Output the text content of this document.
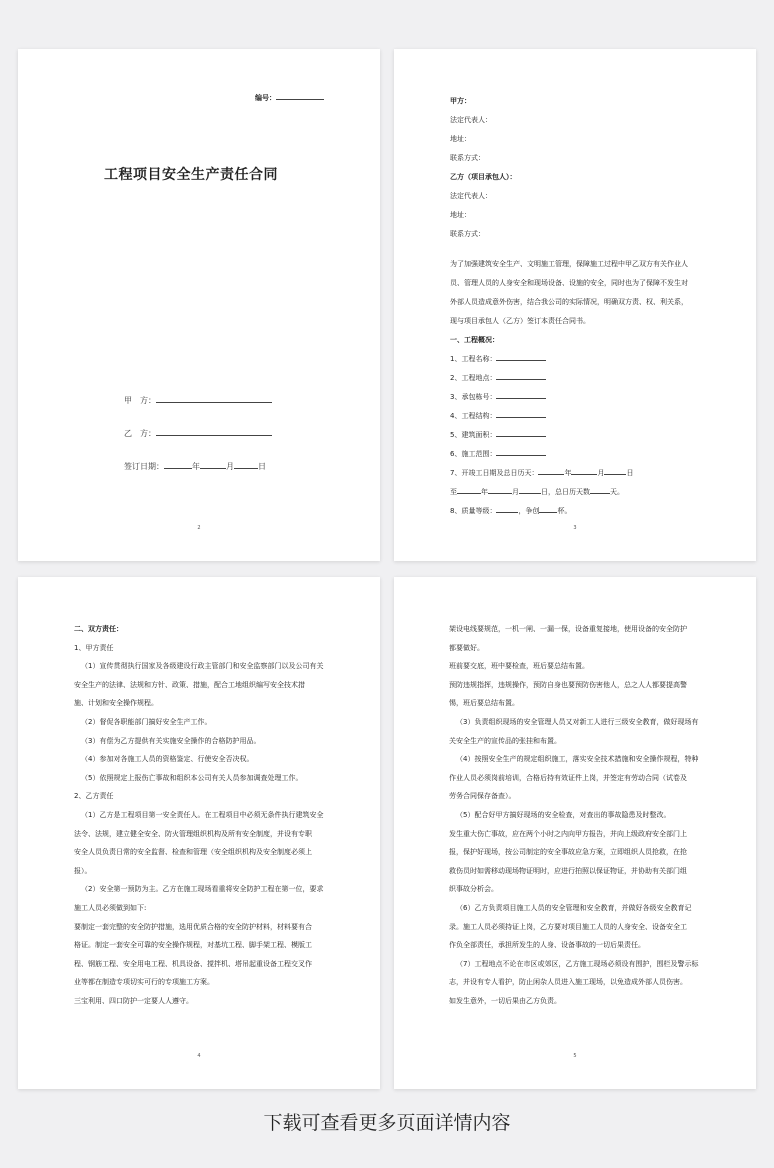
编号：
工程项目安全生产责任合同
甲　方：
乙　方：
签订日期：	年	月	日
2
甲方：
法定代表人：
地址：
联系方式：
乙方（项目承包人）：
法定代表人：
地址：
联系方式：
为了加强建筑安全生产、文明施工管理，保障施工过程中甲乙双方有关作业人
员、管理人员的人身安全和现场设备、设施的安全，同时也为了保障不发生对
外部人员造成意外伤害，结合我公司的实际情况，明确双方责、权、利关系，
现与项目承包人（乙方）签订本责任合同书。
一、工程概况：
1、工程名称：
2、工程地点：
3、承包栋号：
4、工程结构：
5、建筑面积：
6、施工范围：
7、开竣工日期及总日历天：	年	月	日
至	年	月	日，总日历天数	天。
8、质量等级：	，争创	杯。
3
二、双方责任：
1、甲方责任
（1）宣传贯彻执行国家及各级建设行政主管部门和安全监察部门以及公司有关
安全生产的法律、法规和方针、政策、措施，配合工地组织编写安全技术措
施、计划和安全操作规程。
（2）督促各职能部门搞好安全生产工作。
（3）有偿为乙方提供有关实施安全操作的合格防护用品。
（4）参加对各施工人员的资格鉴定、行使安全否决权。
（5）依照规定上报伤亡事故和组织本公司有关人员参加调查处理工作。
2、乙方责任
（1）乙方是工程项目第一安全责任人。在工程项目中必须无条件执行建筑安全
法令、法规，建立健全安全、防火管理组织机构及所有安全制度，并设有专职
安全人员负责日常的安全监督、检查和管理（安全组织机构及安全制度必须上
报）。
（2）安全第一预防为主。乙方在施工现场看重将安全防护工程在第一位，要求
施工人员必须做到如下:
要制定一套完整的安全防护措施，选用优质合格的安全防护材料，材料要有合
格证。制定一套安全可靠的安全操作规程，对基坑工程、脚手架工程、模版工
程、钢筋工程、安全用电工程、机具设备、搅拌机、塔吊起重设备工程交叉作
业等都在制造专项切实可行的专项施工方案。
三宝利用、四口防护一定要人人遵守。
4
架设电线要规范，一机一闸、一漏一保，设备重复接地，使用设备的安全防护
都要做好。
班前要交底，班中要检查，班后要总结布置。
预防违规指挥，违规操作，预防自身也要预防伤害他人，总之人人都要提高警
惕，班后要总结布置。
（3）负责组织现场的安全管理人员又对新工人进行三级安全教育，做好现场有
关安全生产的宣传品的张挂和布置。
（4）按照安全生产的规定组织施工，落实安全技术措施和安全操作规程，特种
作业人员必须岗前培训，合格后持有效证件上岗，并签定有劳动合同（试卷及
劳务合同保存备查）。
（5）配合好甲方搞好现场的安全检查，对查出的事故隐患及时整改。
发生重大伤亡事故，应在两个小时之内向甲方报告，并向上级政府安全部门上
报，保护好现场，按公司制定的安全事故应急方案，立即组织人员抢救，在抢
救伤员时如需移动现场物证明时，应进行拍照以保证物证，并协助有关部门组
织事故分析会。
（6）乙方负责项目施工人员的安全管理和安全教育，并做好各级安全教育记
录。施工人员必须持证上岗，乙方要对项目施工人员的人身安全、设备安全工
作负全部责任，承担所发生的人身、设备事故的一切后果责任。
（7）工程地点不论在市区或郊区，乙方施工现场必须设有围护，围栏及警示标
志，并设有专人看护，防止闲杂人员进入施工现场，以免造成外部人员伤害。
如发生意外，一切后果由乙方负责。
5
下载可查看更多页面详情内容
